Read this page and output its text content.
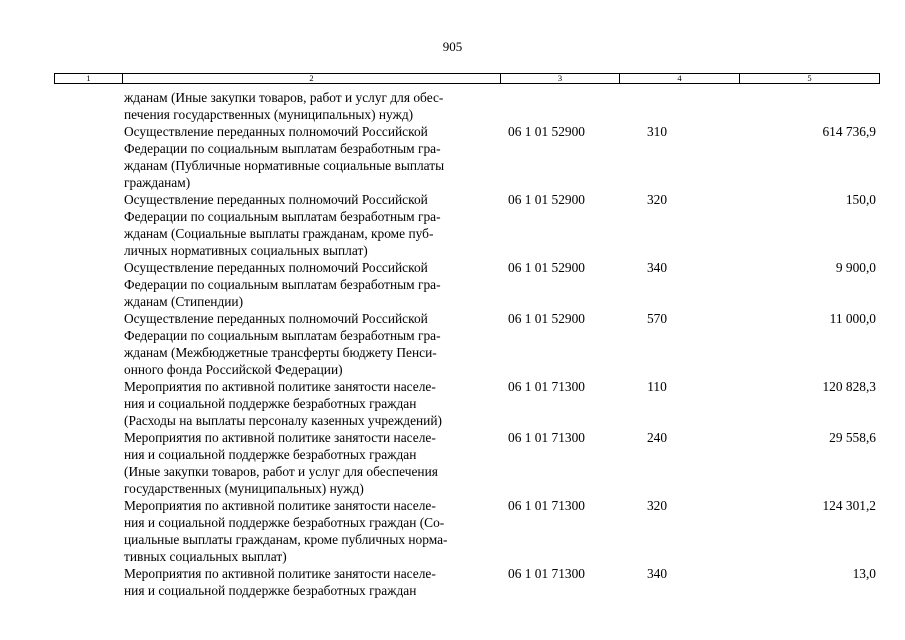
905
1	2	3	4	5
жданам (Иные закупки товаров, работ и услуг для обес-
печения государственных (муниципальных) нужд)
Осуществление переданных полномочий Российской
Федерации по социальным выплатам безработным гра-
жданам (Публичные нормативные социальные выплаты
гражданам)
06 1 01 52900	310	614 736,9
Осуществление переданных полномочий Российской
Федерации по социальным выплатам безработным гра-
жданам (Социальные выплаты гражданам, кроме пуб-
личных нормативных социальных выплат)
06 1 01 52900	320	150,0
Осуществление переданных полномочий Российской
Федерации по социальным выплатам безработным гра-
жданам (Стипендии)
06 1 01 52900	340	9 900,0
Осуществление переданных полномочий Российской
Федерации по социальным выплатам безработным гра-
жданам (Межбюджетные трансферты бюджету Пенси-
онного фонда Российской Федерации)
06 1 01 52900	570	11 000,0
Мероприятия по активной политике занятости населе-
ния и социальной поддержке безработных граждан
(Расходы на выплаты персоналу казенных учреждений)
06 1 01 71300	110	120 828,3
Мероприятия по активной политике занятости населе-
ния и социальной поддержке безработных граждан
(Иные закупки товаров, работ и услуг для обеспечения
государственных (муниципальных) нужд)
06 1 01 71300	240	29 558,6
Мероприятия по активной политике занятости населе-
ния и социальной поддержке безработных граждан (Со-
циальные выплаты гражданам, кроме публичных норма-
тивных социальных выплат)
06 1 01 71300	320	124 301,2
Мероприятия по активной политике занятости населе-
ния и социальной поддержке безработных граждан
06 1 01 71300	340	13,0
